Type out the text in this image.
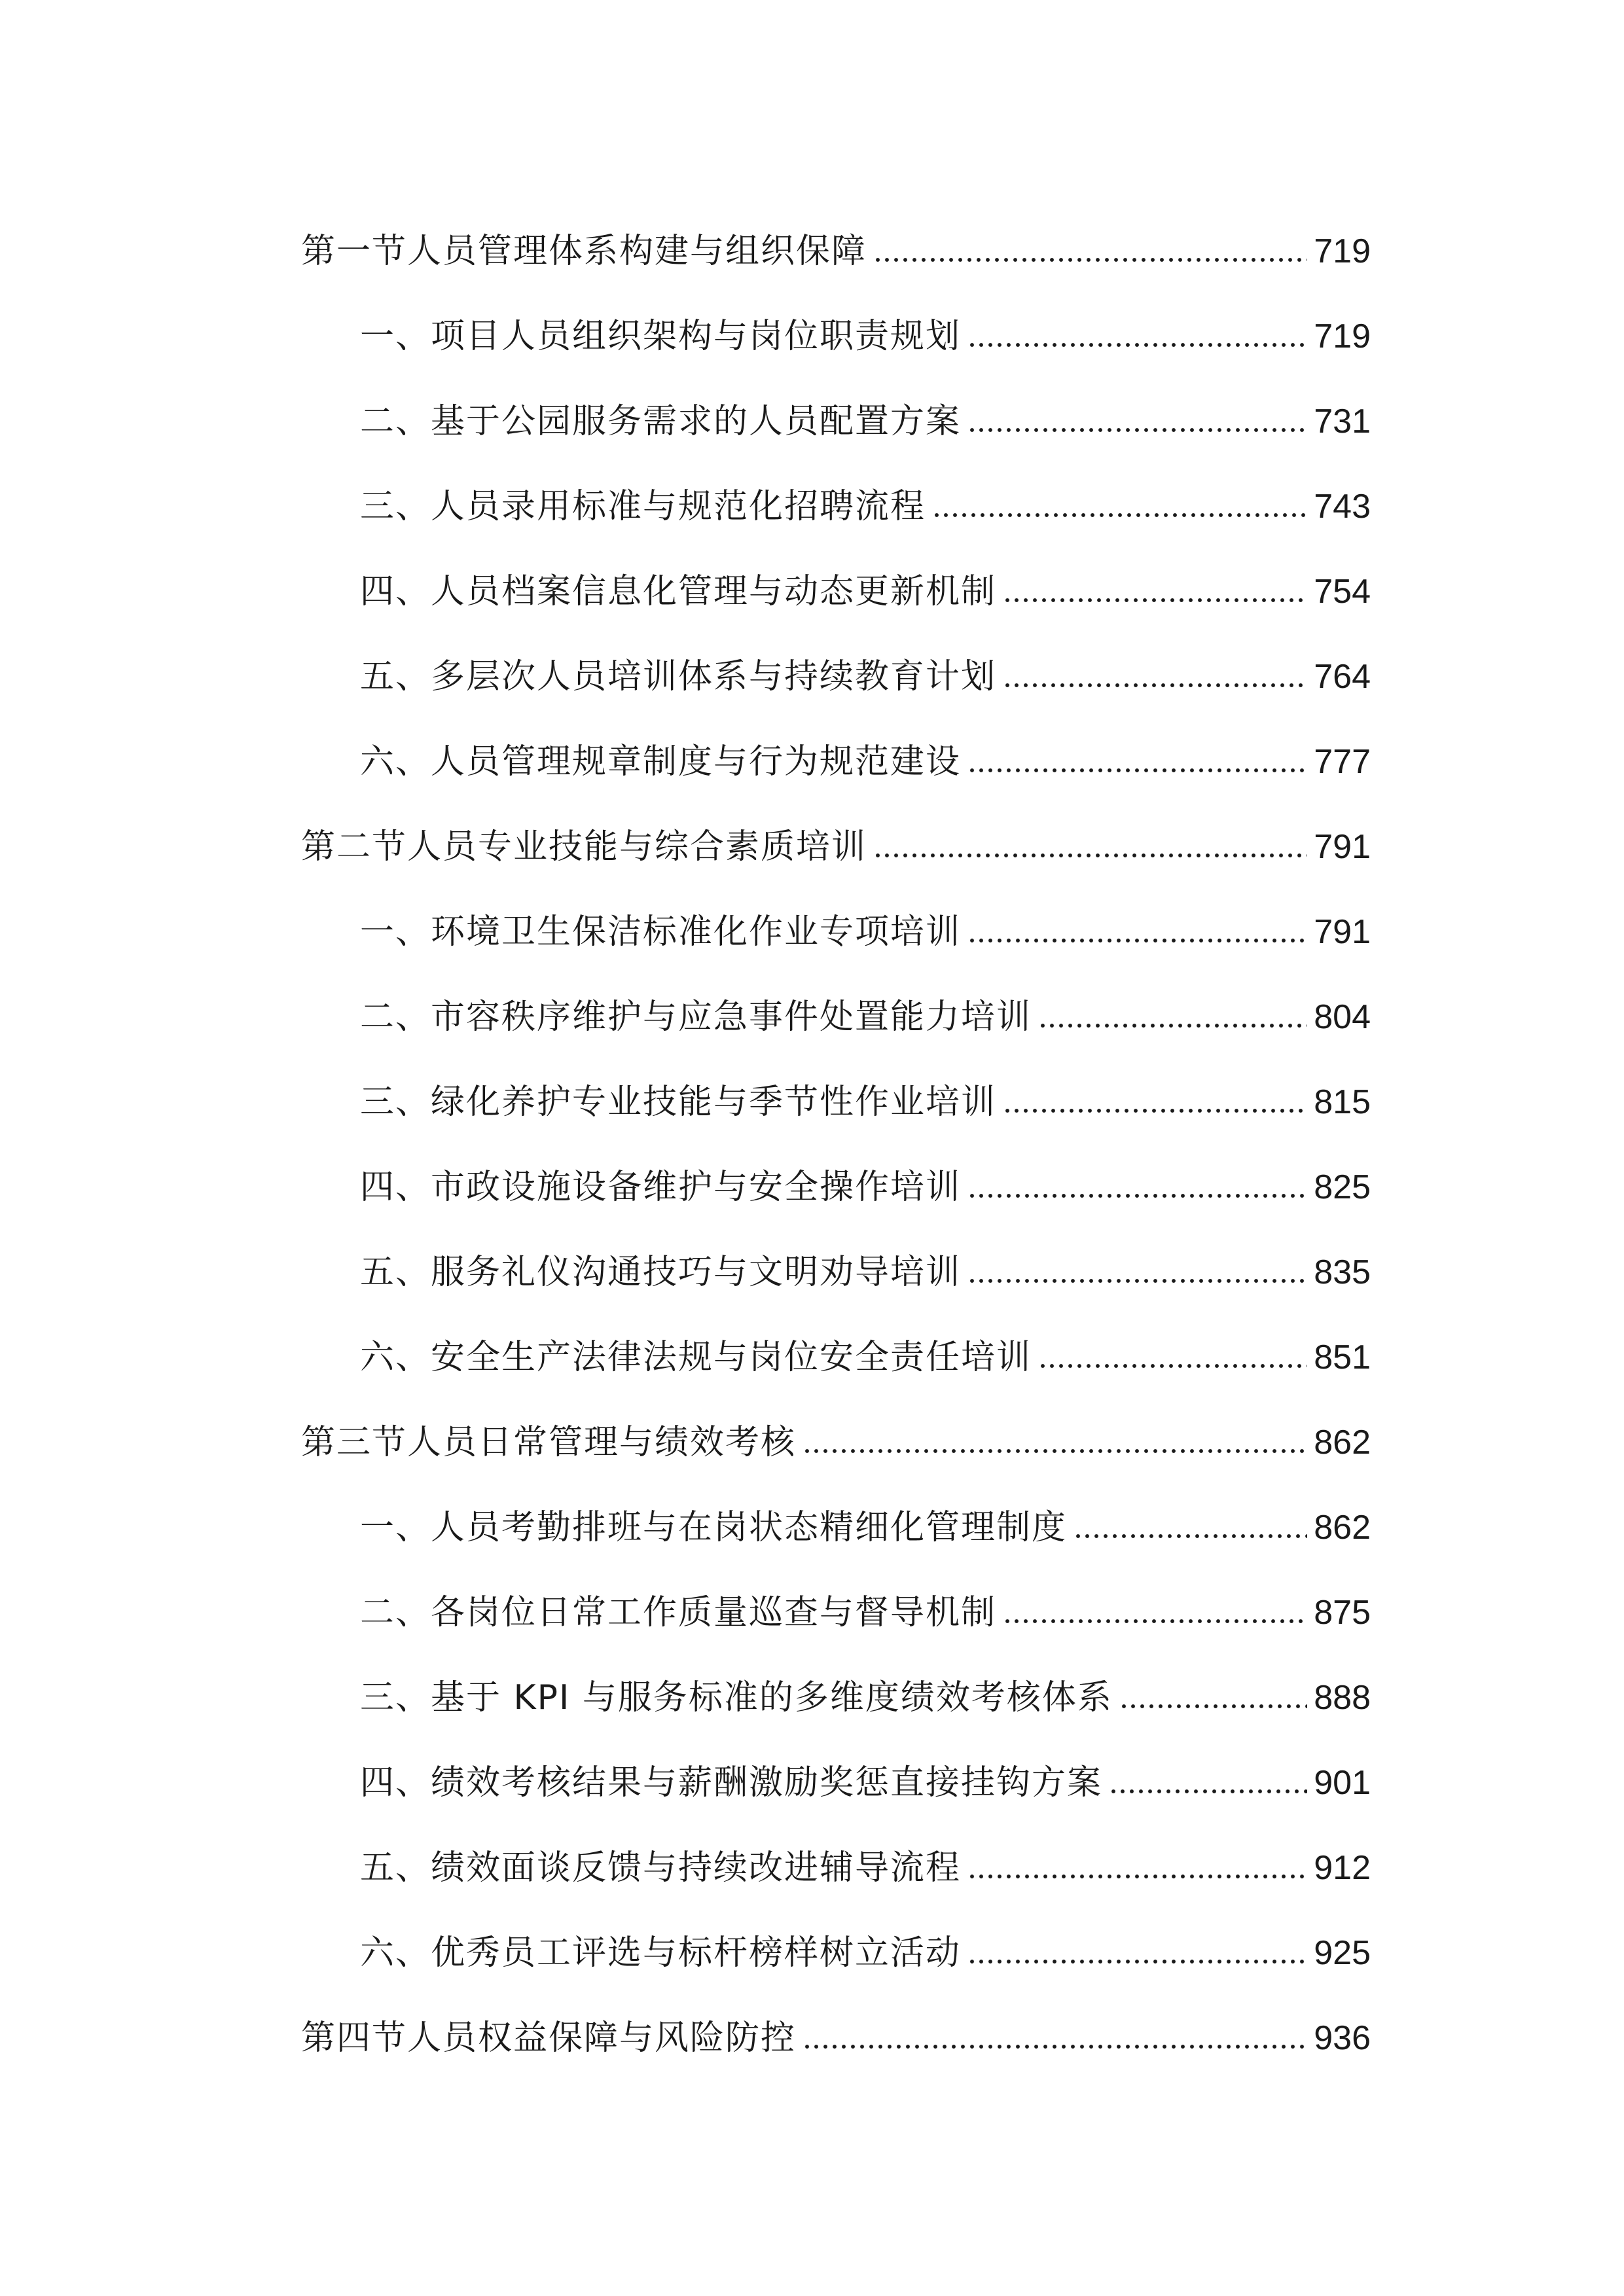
第一节人员管理体系构建与组织保障	719
一、项目人员组织架构与岗位职责规划	719
二、基于公园服务需求的人员配置方案	731
三、人员录用标准与规范化招聘流程	743
四、人员档案信息化管理与动态更新机制	754
五、多层次人员培训体系与持续教育计划	764
六、人员管理规章制度与行为规范建设	777
第二节人员专业技能与综合素质培训	791
一、环境卫生保洁标准化作业专项培训	791
二、市容秩序维护与应急事件处置能力培训	804
三、绿化养护专业技能与季节性作业培训	815
四、市政设施设备维护与安全操作培训	825
五、服务礼仪沟通技巧与文明劝导培训	835
六、安全生产法律法规与岗位安全责任培训	851
第三节人员日常管理与绩效考核	862
一、人员考勤排班与在岗状态精细化管理制度	862
二、各岗位日常工作质量巡查与督导机制	875
三、基于 KPI 与服务标准的多维度绩效考核体系	888
四、绩效考核结果与薪酬激励奖惩直接挂钩方案	901
五、绩效面谈反馈与持续改进辅导流程	912
六、优秀员工评选与标杆榜样树立活动	925
第四节人员权益保障与风险防控	936
